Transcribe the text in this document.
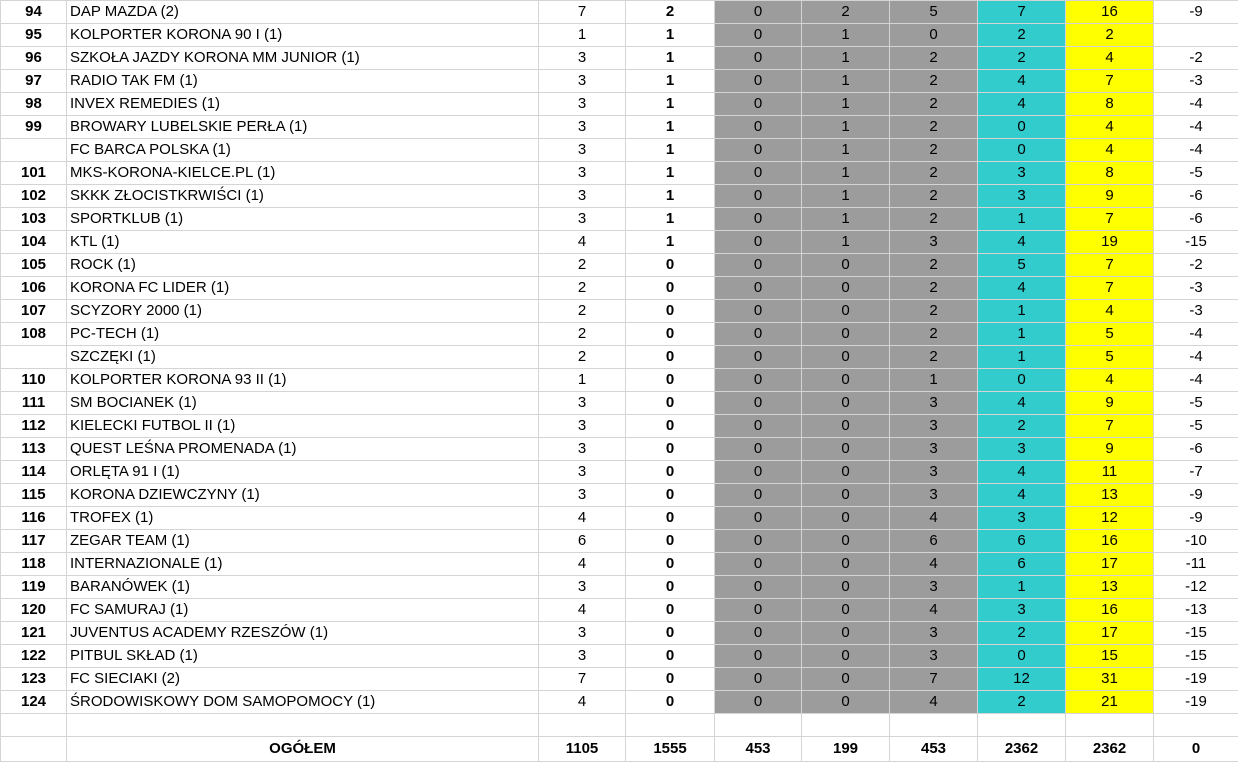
94	DAP MAZDA (2)	7	2	0	2	5	7	16	-9
95	KOLPORTER KORONA 90 I (1)	1	1	0	1	0	2	2	
96	SZKOŁA JAZDY KORONA MM JUNIOR (1)	3	1	0	1	2	2	4	-2
97	RADIO TAK FM (1)	3	1	0	1	2	4	7	-3
98	INVEX REMEDIES (1)	3	1	0	1	2	4	8	-4
99	BROWARY LUBELSKIE PERŁA (1)	3	1	0	1	2	0	4	-4
	FC BARCA POLSKA (1)	3	1	0	1	2	0	4	-4
101	MKS-KORONA-KIELCE.PL (1)	3	1	0	1	2	3	8	-5
102	SKKK ZŁOCISTKRWIŚCI (1)	3	1	0	1	2	3	9	-6
103	SPORTKLUB (1)	3	1	0	1	2	1	7	-6
104	KTL (1)	4	1	0	1	3	4	19	-15
105	ROCK (1)	2	0	0	0	2	5	7	-2
106	KORONA FC LIDER (1)	2	0	0	0	2	4	7	-3
107	SCYZORY 2000 (1)	2	0	0	0	2	1	4	-3
108	PC-TECH (1)	2	0	0	0	2	1	5	-4
	SZCZĘKI (1)	2	0	0	0	2	1	5	-4
110	KOLPORTER KORONA 93 II (1)	1	0	0	0	1	0	4	-4
111	SM BOCIANEK (1)	3	0	0	0	3	4	9	-5
112	KIELECKI FUTBOL II (1)	3	0	0	0	3	2	7	-5
113	QUEST LEŚNA PROMENADA (1)	3	0	0	0	3	3	9	-6
114	ORLĘTA 91 I (1)	3	0	0	0	3	4	11	-7
115	KORONA DZIEWCZYNY (1)	3	0	0	0	3	4	13	-9
116	TROFEX (1)	4	0	0	0	4	3	12	-9
117	ZEGAR TEAM (1)	6	0	0	0	6	6	16	-10
118	INTERNAZIONALE (1)	4	0	0	0	4	6	17	-11
119	BARANÓWEK (1)	3	0	0	0	3	1	13	-12
120	FC SAMURAJ (1)	4	0	0	0	4	3	16	-13
121	JUVENTUS ACADEMY RZESZÓW (1)	3	0	0	0	3	2	17	-15
122	PITBUL SKŁAD (1)	3	0	0	0	3	0	15	-15
123	FC SIECIAKI (2)	7	0	0	0	7	12	31	-19
124	ŚRODOWISKOWY DOM SAMOPOMOCY (1)	4	0	0	0	4	2	21	-19

	OGÓŁEM	1105	1555	453	199	453	2362	2362	0
